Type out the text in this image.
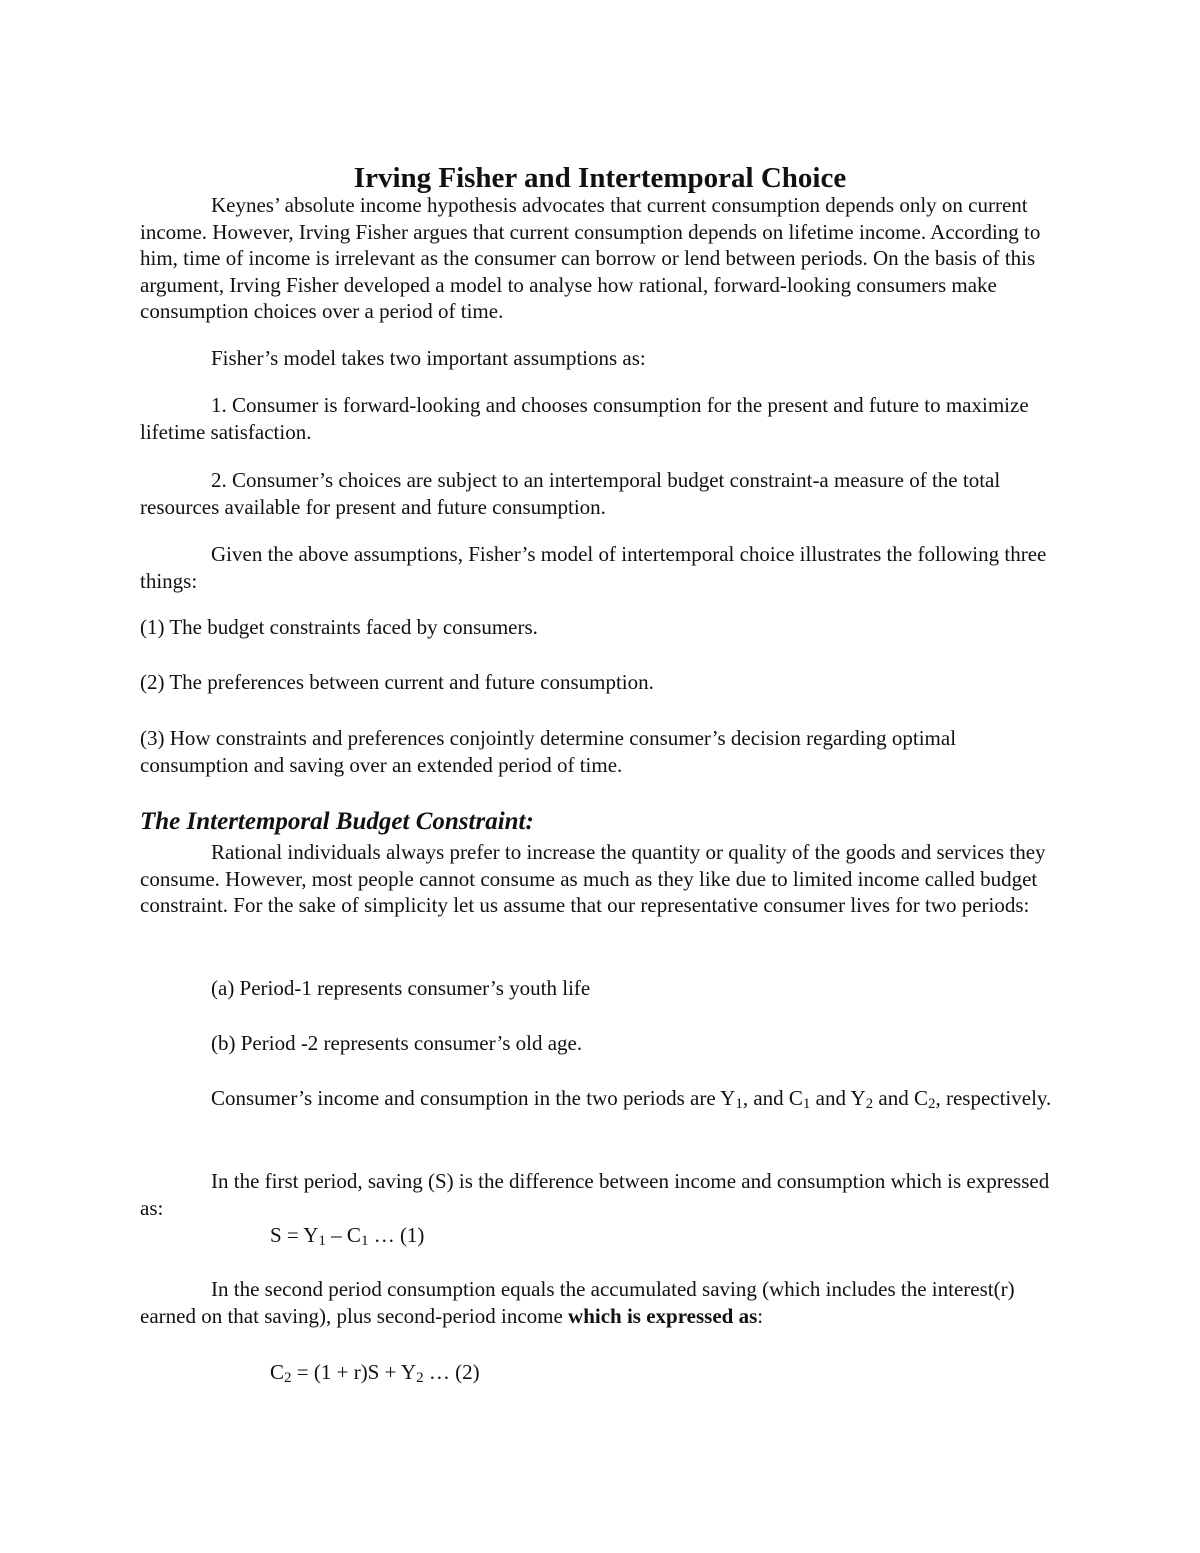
Irving Fisher and Intertemporal Choice

Keynes’ absolute income hypothesis advocates that current consumption depends only on current income. However, Irving Fisher argues that current consumption depends on lifetime income. According to him, time of income is irrelevant as the consumer can borrow or lend between periods. On the basis of this argument, Irving Fisher developed a model to analyse how rational, forward-looking consumers make consumption choices over a period of time.

Fisher’s model takes two important assumptions as:

1. Consumer is forward-looking and chooses consumption for the present and future to maximize lifetime satisfaction.

2. Consumer’s choices are subject to an intertemporal budget constraint-a measure of the total resources available for present and future consumption.

Given the above assumptions, Fisher’s model of intertemporal choice illustrates the following three things:

(1) The budget constraints faced by consumers.

(2) The preferences between current and future consumption.

(3) How constraints and preferences conjointly determine consumer’s decision regarding optimal consumption and saving over an extended period of time.

The Intertemporal Budget Constraint:

Rational individuals always prefer to increase the quantity or quality of the goods and services they consume. However, most people cannot consume as much as they like due to limited income called budget constraint. For the sake of simplicity let us assume that our representative consumer lives for two periods:

(a) Period-1 represents consumer’s youth life

(b) Period -2 represents consumer’s old age.

Consumer’s income and consumption in the two periods are $Y_1$, and $C_1$ and $Y_2$ and $C_2$, respectively.

In the first period, saving (S) is the difference between income and consumption which is expressed as:

$S = Y_1 - C_1$ … (1)

In the second period consumption equals the accumulated saving (which includes the interest(r) earned on that saving), plus second-period income which is expressed as:

$C_2 = (1 + r)S + Y_2$ … (2)
